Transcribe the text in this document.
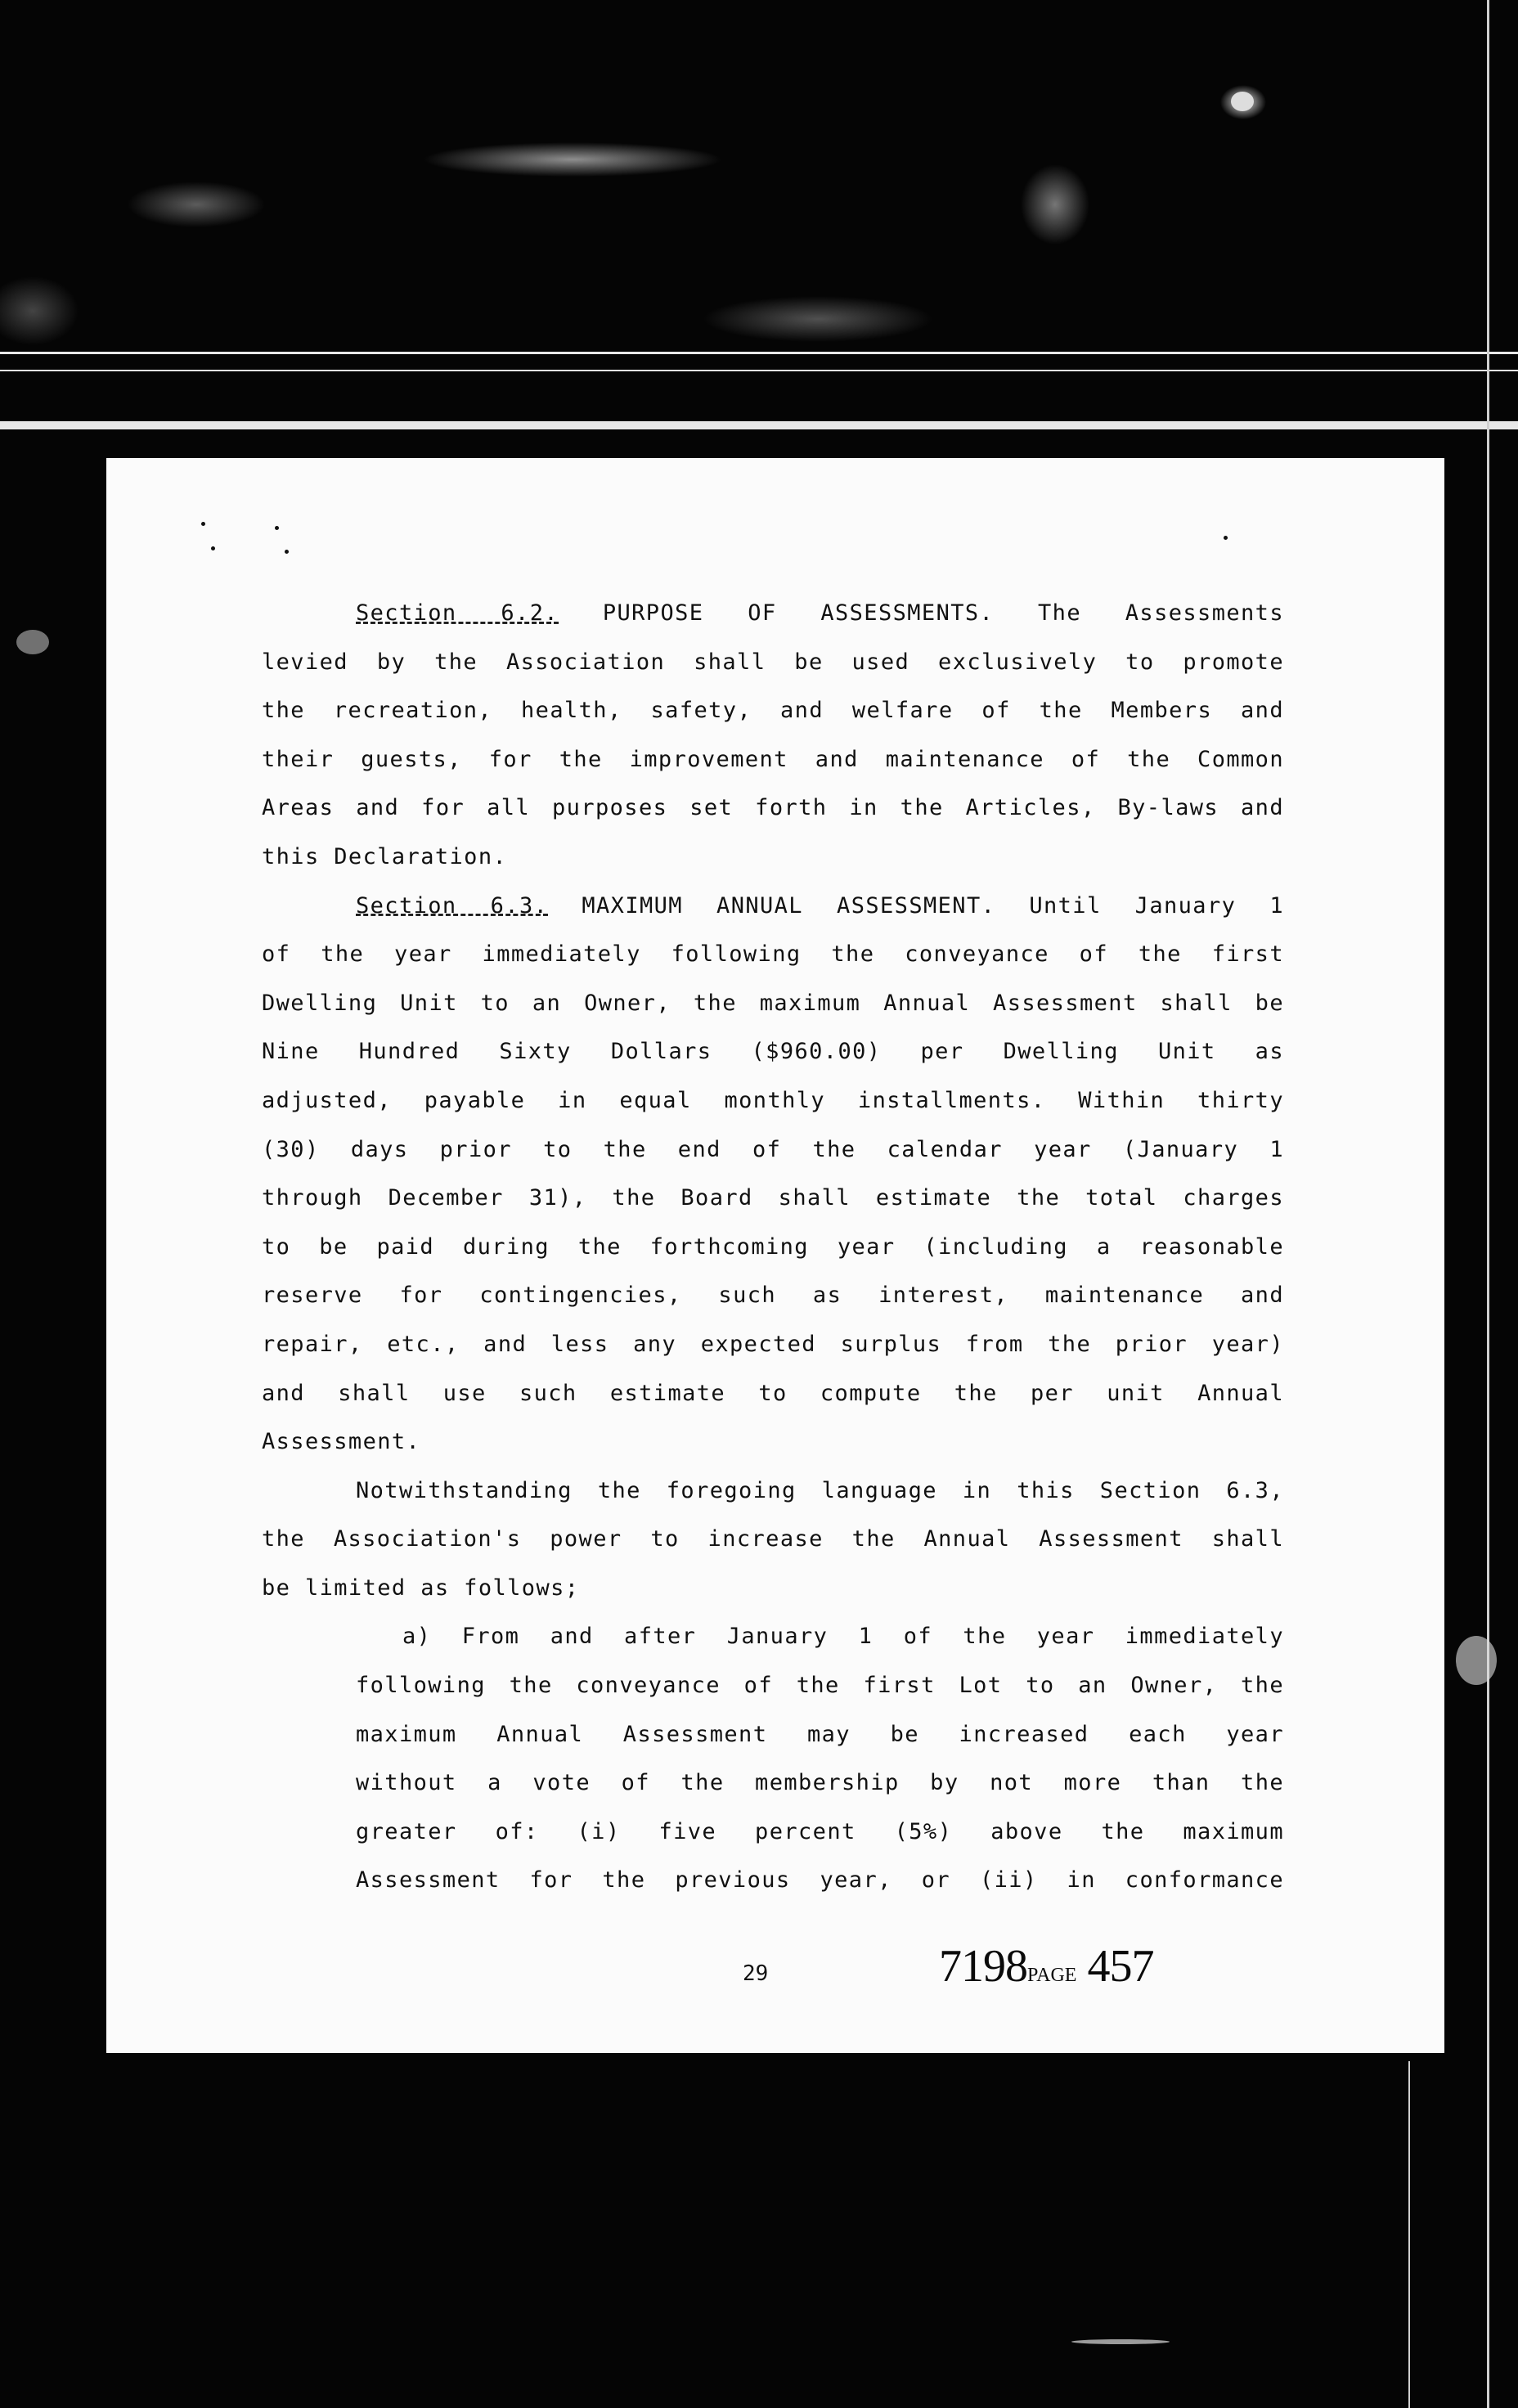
Section 6.2. PURPOSE OF ASSESSMENTS. The Assessments
levied by the Association shall be used exclusively to promote
the recreation, health, safety, and welfare of the Members and
their guests, for the improvement and maintenance of the Common
Areas and for all purposes set forth in the Articles, By-laws and
this Declaration.
Section 6.3. MAXIMUM ANNUAL ASSESSMENT. Until January 1
of the year immediately following the conveyance of the first
Dwelling Unit to an Owner, the maximum Annual Assessment shall be
Nine Hundred Sixty Dollars ($960.00) per Dwelling Unit as
adjusted, payable in equal monthly installments. Within thirty
(30) days prior to the end of the calendar year (January 1
through December 31), the Board shall estimate the total charges
to be paid during the forthcoming year (including a reasonable
reserve for contingencies, such as interest, maintenance and
repair, etc., and less any expected surplus from the prior year)
and shall use such estimate to compute the per unit Annual
Assessment.
Notwithstanding the foregoing language in this Section 6.3,
the Association's power to increase the Annual Assessment shall
be limited as follows;
a) From and after January 1 of the year immediately
following the conveyance of the first Lot to an Owner, the
maximum Annual Assessment may be increased each year
without a vote of the membership by not more than the
greater of: (i) five percent (5%) above the maximum
Assessment for the previous year, or (ii) in conformance
29	7198PAGE 457
